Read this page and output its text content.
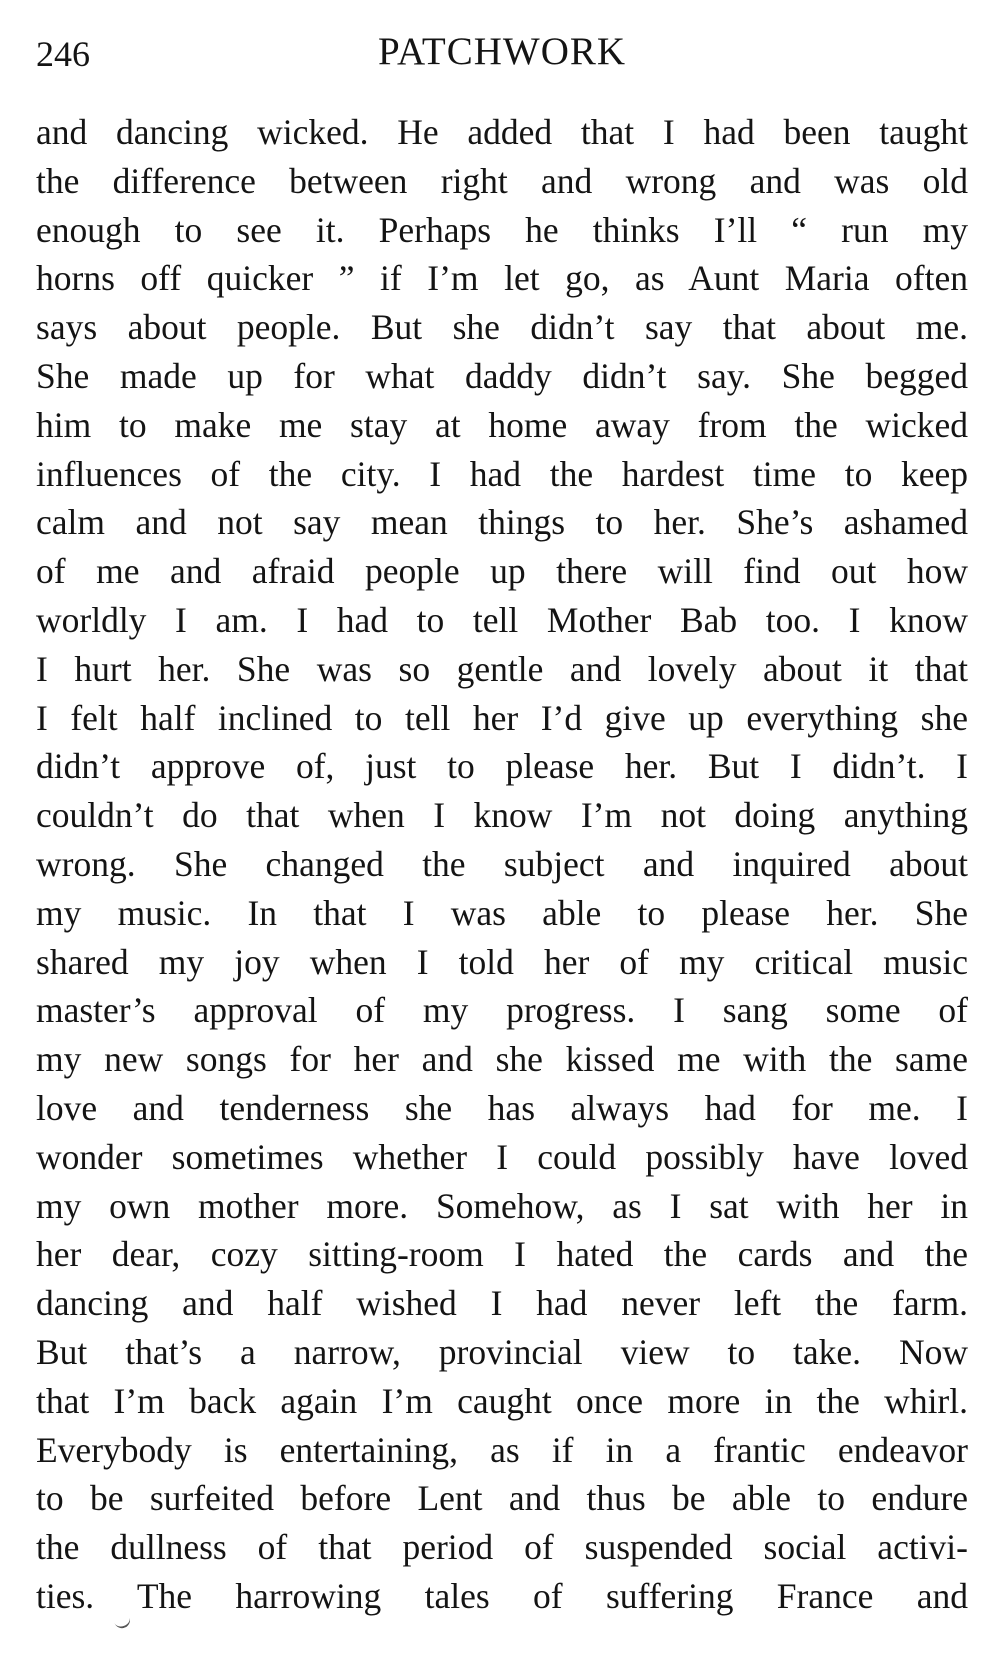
246	PATCHWORK
and dancing wicked. He added that I had been taught
the difference between right and wrong and was old
enough to see it. Perhaps he thinks I’ll “ run my
horns off quicker ” if I’m let go, as Aunt Maria often
says about people. But she didn’t say that about me.
She made up for what daddy didn’t say. She begged
him to make me stay at home away from the wicked
influences of the city. I had the hardest time to keep
calm and not say mean things to her. She’s ashamed
of me and afraid people up there will find out how
worldly I am. I had to tell Mother Bab too. I know
I hurt her. She was so gentle and lovely about it that
I felt half inclined to tell her I’d give up everything she
didn’t approve of, just to please her. But I didn’t. I
couldn’t do that when I know I’m not doing anything
wrong. She changed the subject and inquired about
my music. In that I was able to please her. She
shared my joy when I told her of my critical music
master’s approval of my progress. I sang some of
my new songs for her and she kissed me with the same
love and tenderness she has always had for me. I
wonder sometimes whether I could possibly have loved
my own mother more. Somehow, as I sat with her in
her dear, cozy sitting-room I hated the cards and the
dancing and half wished I had never left the farm.
But that’s a narrow, provincial view to take. Now
that I’m back again I’m caught once more in the whirl.
Everybody is entertaining, as if in a frantic endeavor
to be surfeited before Lent and thus be able to endure
the dullness of that period of suspended social activi-
ties. The harrowing tales of suffering France and
